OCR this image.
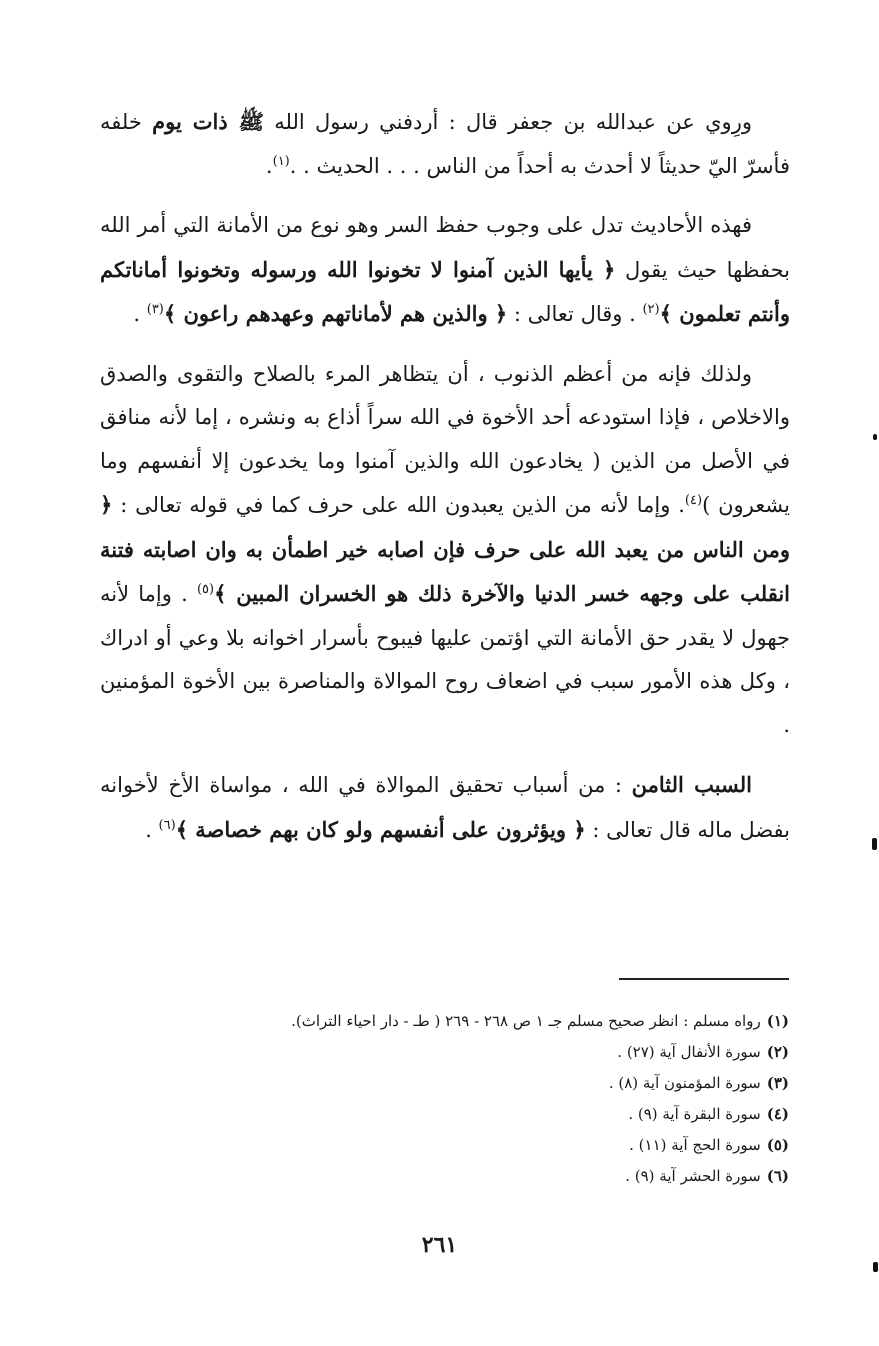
ورِوي عن عبدالله بن جعفر قال : أردفني رسول الله ﷺ ذات يوم خلفه فأسرّ اليّ حديثاً لا أحدث به أحداً من الناس . . . الحديث . .$^{(١)}$.

فهذه الأحاديث تدل على وجوب حفظ السر وهو نوع من الأمانة التي أمر الله بحفظها حيث يقول ﴿ يأيها الذين آمنوا لا تخونوا الله ورسوله وتخونوا أماناتكم وأنتم تعلمون ﴾$^{(٢)}$ . وقال تعالى : ﴿ والذين هم لأماناتهم وعهدهم راعون ﴾$^{(٣)}$ .

ولذلك فإنه من أعظم الذنوب ، أن يتظاهر المرء بالصلاح والتقوى والصدق والاخلاص ، فإذا استودعه أحد الأخوة في الله سراً أذاع به ونشره ، إما لأنه منافق في الأصل من الذين ( يخادعون الله والذين آمنوا وما يخدعون إلا أنفسهم وما يشعرون )$^{(٤)}$. وإما لأنه من الذين يعبدون الله على حرف كما في قوله تعالى : ﴿ ومن الناس من يعبد الله على حرف فإن اصابه خير اطمأن به وان اصابته فتنة انقلب على وجهه خسر الدنيا والآخرة ذلك هو الخسران المبين ﴾$^{(٥)}$ . وإما لأنه جهول لا يقدر حق الأمانة التي اؤتمن عليها فيبوح بأسرار اخوانه بلا وعي أو ادراك ، وكل هذه الأمور سبب في اضعاف روح الموالاة والمناصرة بين الأخوة المؤمنين .

السبب الثامن : من أسباب تحقيق الموالاة في الله ، مواساة الأخ لأخوانه بفضل ماله قال تعالى : ﴿ ويؤثرون على أنفسهم ولو كان بهم خصاصة ﴾$^{(٦)}$ .

(١)رواه مسلم : انظر صحيح مسلم جـ ١ ص ٢٦٨ - ٢٦٩ ( طـ - دار احياء التراث).
(٢)سورة الأنفال آية (٢٧) .
(٣)سورة المؤمنون آية (٨) .
(٤)سورة البقرة آية (٩) .
(٥)سورة الحج آية (١١) .
(٦)سورة الحشر آية (٩) .
٢٦١
